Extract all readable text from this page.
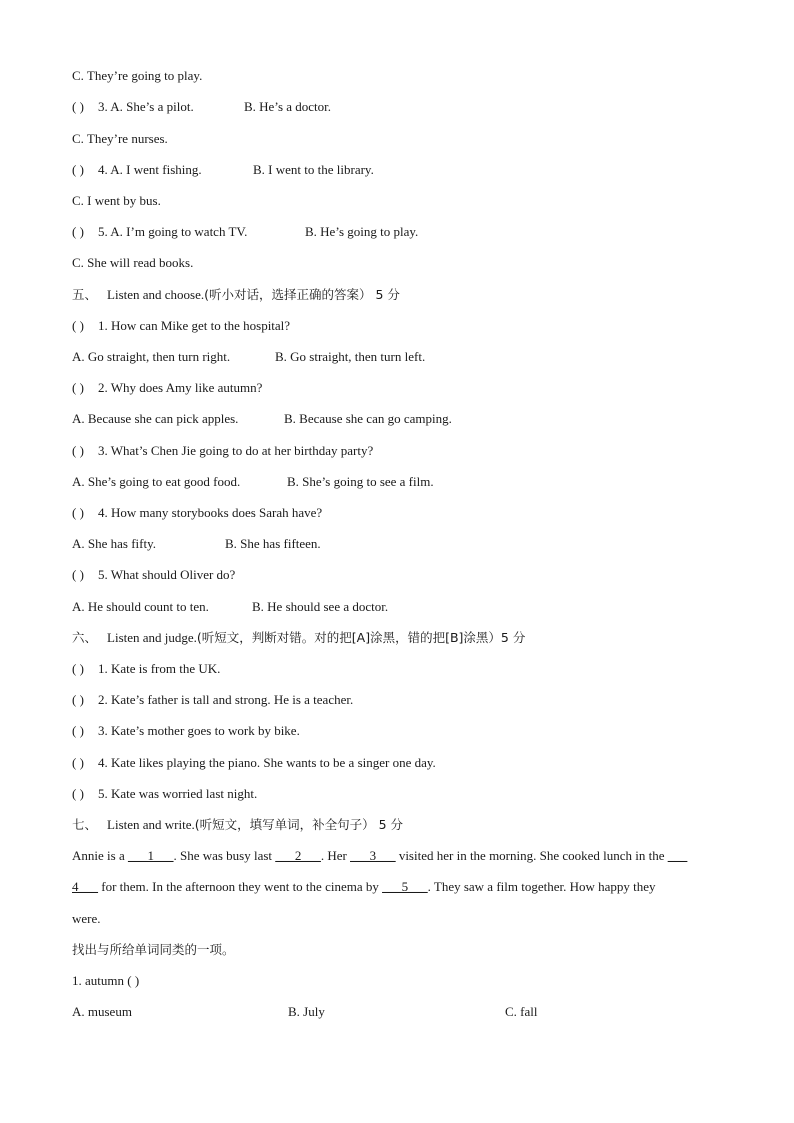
C. They’re going to play.
( ) 3. A. She’s a pilot.	B. He’s a doctor.
C. They’re nurses.
( ) 4. A. I went fishing.	B. I went to the library.
C. I went by bus.
( ) 5. A. I’m going to watch TV.	B. He’s going to play.
C. She will read books.
五、 Listen and choose.(听小对话，选择正确的答案） 5 分
( ) 1. How can Mike get to the hospital?
A. Go straight, then turn right.	B. Go straight, then turn left.
( ) 2. Why does Amy like autumn?
A. Because she can pick apples.	B. Because she can go camping.
( ) 3. What’s Chen Jie going to do at her birthday party?
A. She’s going to eat good food.	B. She’s going to see a film.
( ) 4. How many storybooks does Sarah have?
A. She has fifty.	B. She has fifteen.
( ) 5. What should Oliver do?
A. He should count to ten.	B. He should see a doctor.
六、 Listen and judge.(听短文，判断对错。对的把[A]涂黑，错的把[B]涂黑）5 分
( ) 1. Kate is from the UK.
( ) 2. Kate’s father is tall and strong. He is a teacher.
( ) 3. Kate’s mother goes to work by bike.
( ) 4. Kate likes playing the piano. She wants to be a singer one day.
( ) 5. Kate was worried last night.
七、 Listen and write.(听短文，填写单词，补全句子） 5 分
Annie is a ___1___. She was busy last ___2___. Her ___3___ visited her in the morning. She cooked lunch in the ___
4___ for them. In the afternoon they went to the cinema by ___5___. They saw a film together. How happy they
were.
找出与所给单词同类的一项。
1. autumn ( )
A. museum	B. July	C. fall
